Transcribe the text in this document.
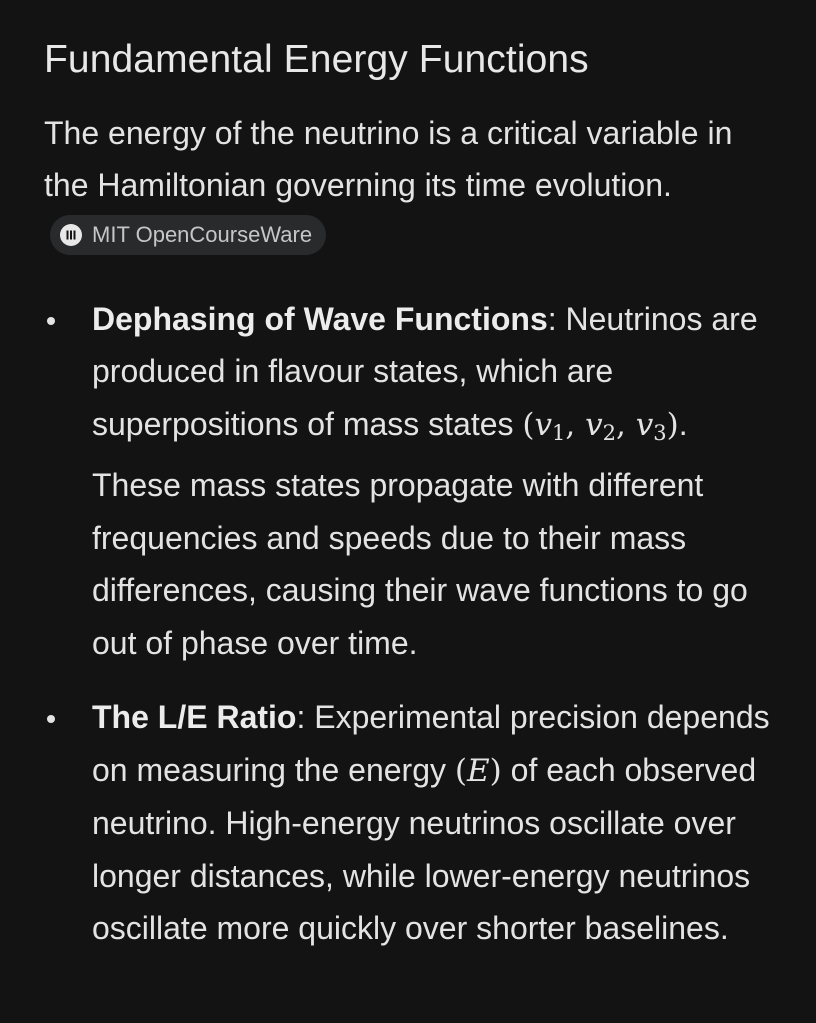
Fundamental Energy Functions

The energy of the neutrino is a critical variable in the Hamiltonian governing its time evolution.
MIT OpenCourseWare

Dephasing of Wave Functions: Neutrinos are produced in flavour states, which are superpositions of mass states ($v_1$, $v_2$, $v_3$). These mass states propagate with different frequencies and speeds due to their mass differences, causing their wave functions to go out of phase over time.
The L/E Ratio: Experimental precision depends on measuring the energy (E) of each observed neutrino. High-energy neutrinos oscillate over longer distances, while lower-energy neutrinos oscillate more quickly over shorter baselines.
